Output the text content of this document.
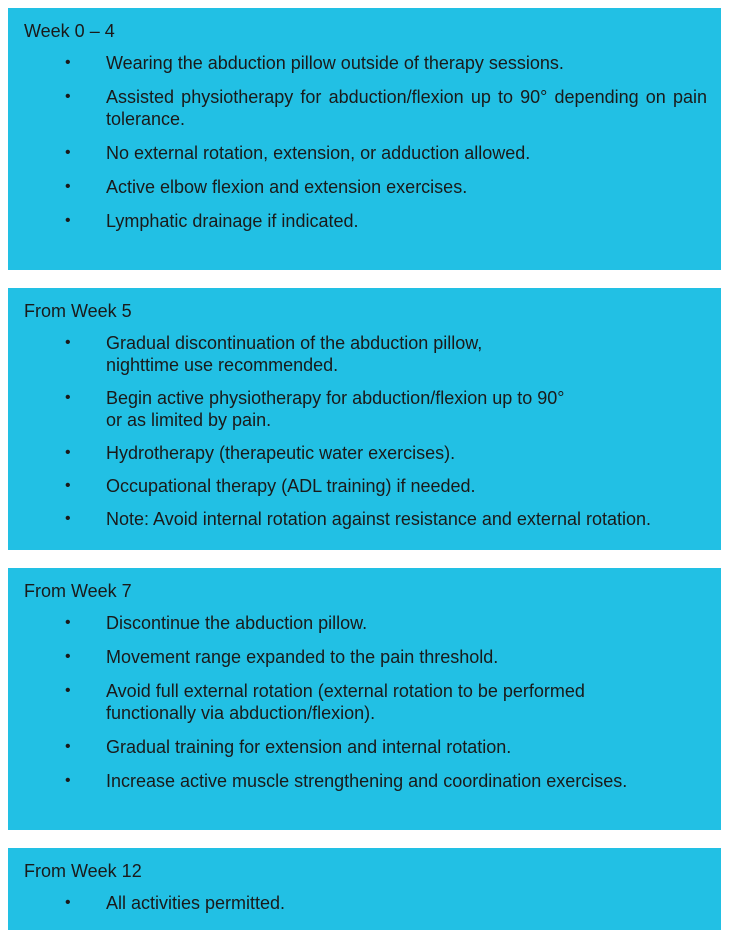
Week 0 – 4
• Wearing the abduction pillow outside of therapy sessions.
• Assisted physiotherapy for abduction/flexion up to 90° depending on pain tolerance.
• No external rotation, extension, or adduction allowed.
• Active elbow flexion and extension exercises.
• Lymphatic drainage if indicated.
From Week 5
• Gradual discontinuation of the abduction pillow,
nighttime use recommended.
• Begin active physiotherapy for abduction/flexion up to 90°
or as limited by pain.
• Hydrotherapy (therapeutic water exercises).
• Occupational therapy (ADL training) if needed.
• Note: Avoid internal rotation against resistance and external rotation.
From Week 7
• Discontinue the abduction pillow.
• Movement range expanded to the pain threshold.
• Avoid full external rotation (external rotation to be performed
functionally via abduction/flexion).
• Gradual training for extension and internal rotation.
• Increase active muscle strengthening and coordination exercises.
From Week 12
• All activities permitted.
